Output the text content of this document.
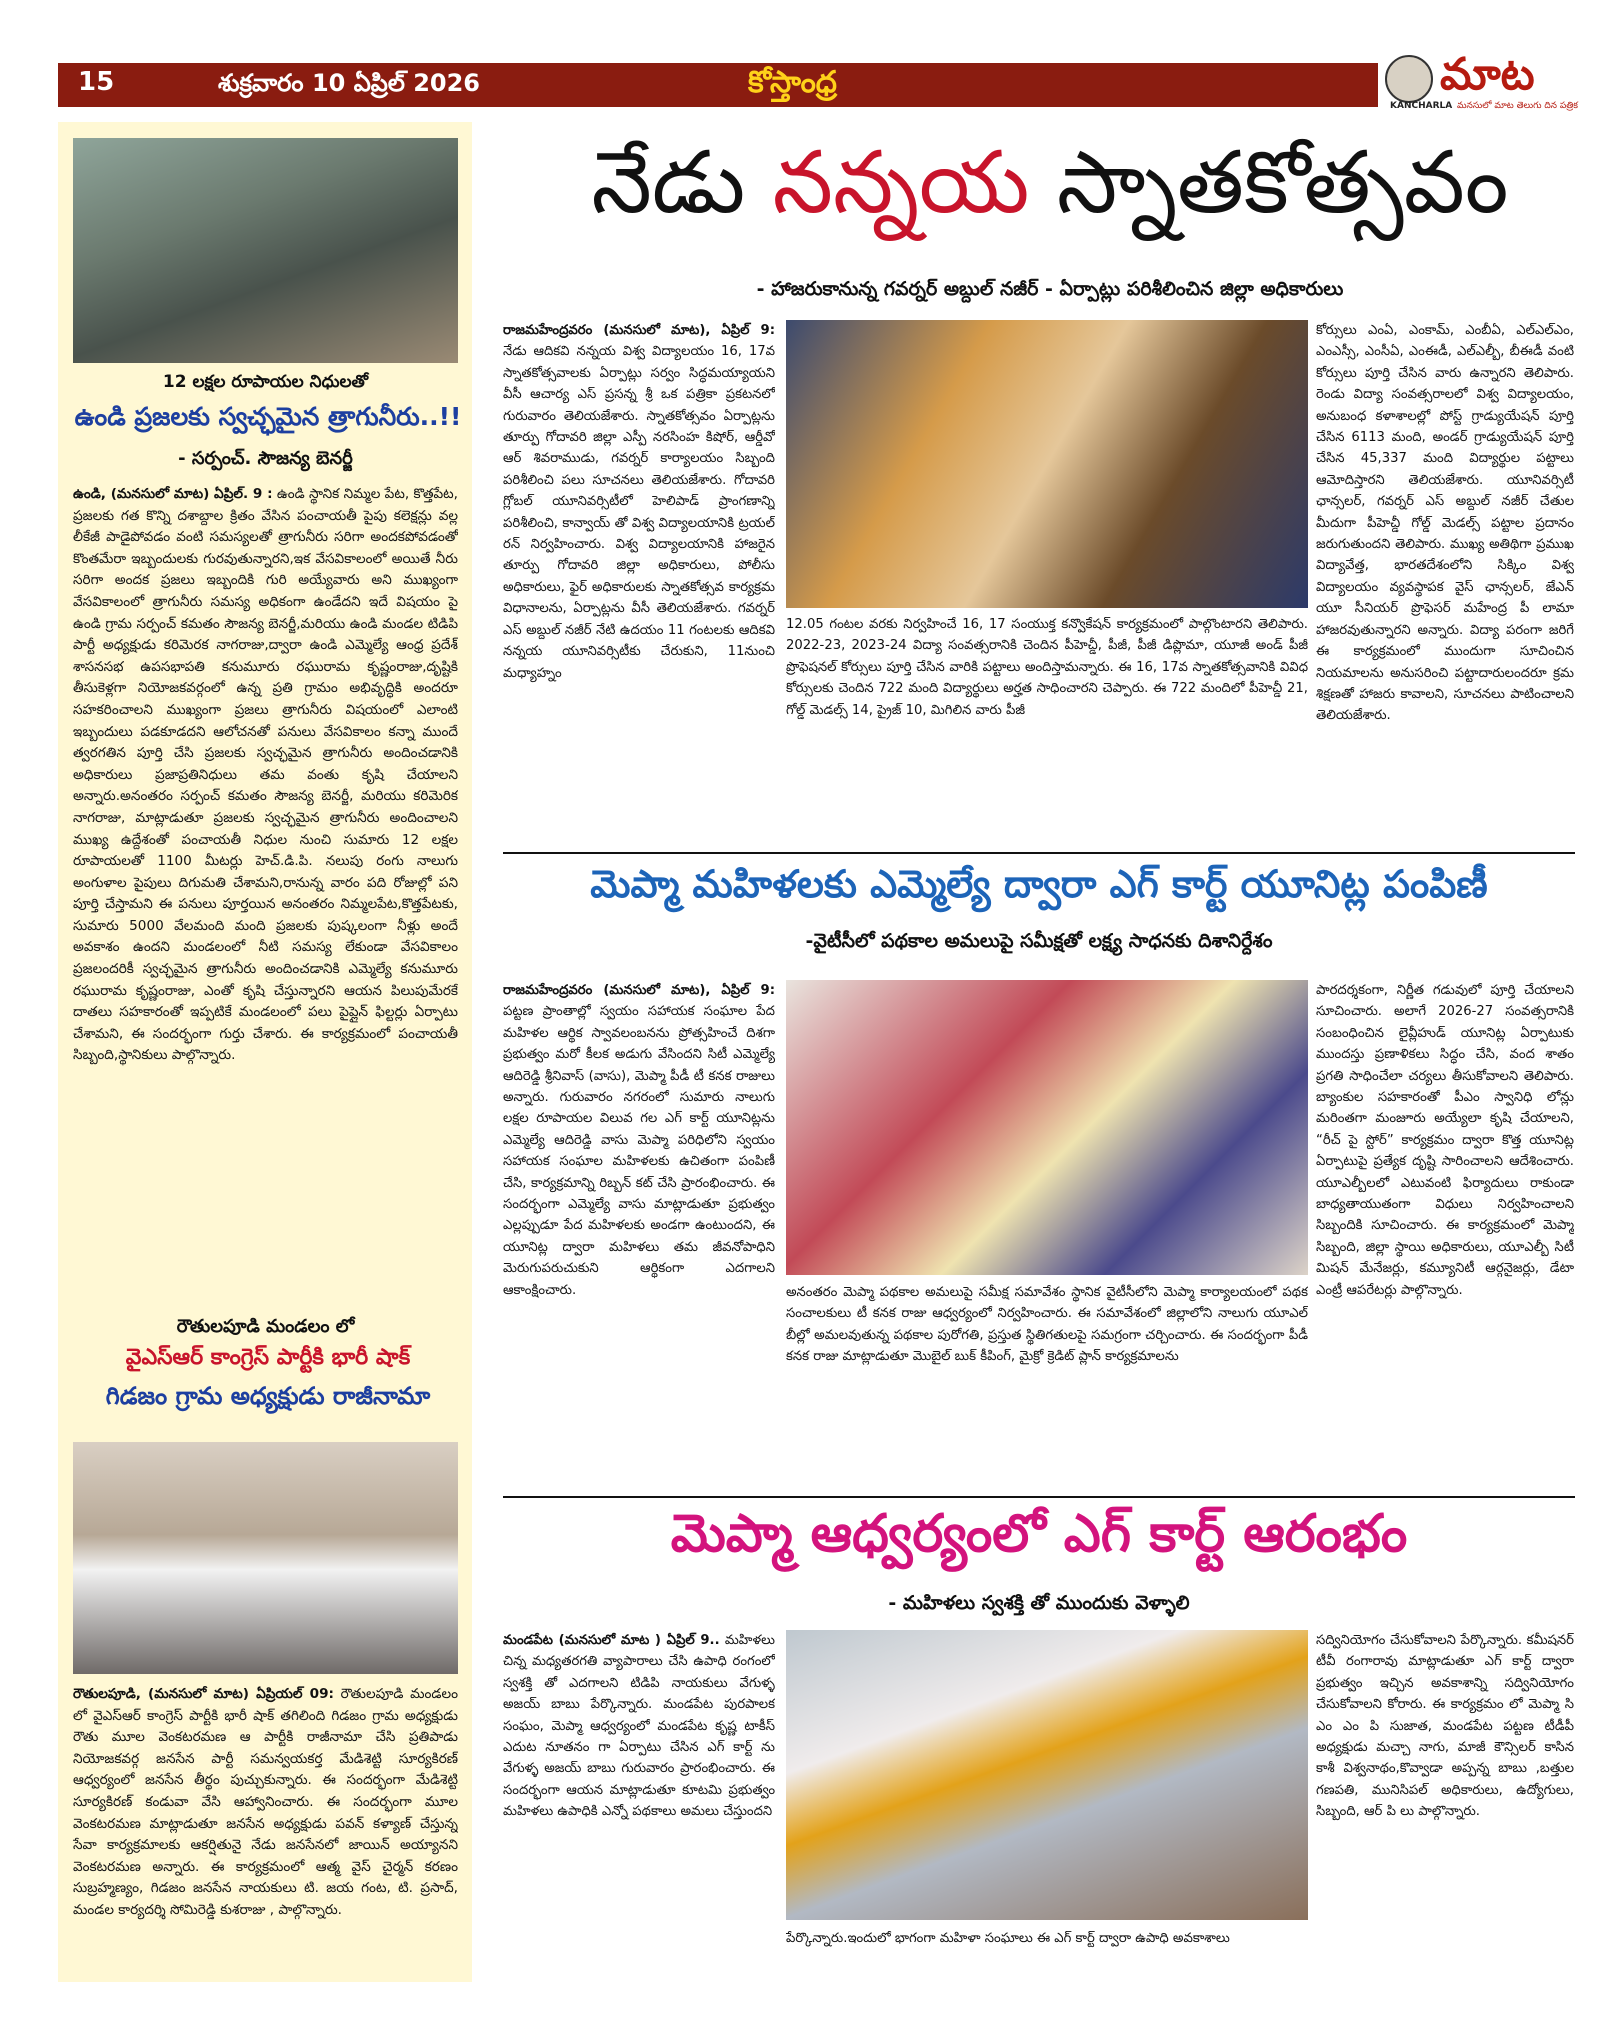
15	శుక్రవారం 10 ఏప్రిల్ 2026	కోస్తాంధ్ర	మాట
KANCHARLA మనసులో మాట తెలుగు దిన పత్రిక
12 లక్షల రూపాయల నిధులతో
ఉండి ప్రజలకు స్వచ్ఛమైన త్రాగునీరు..!!
- సర్పంచ్. సౌజన్య బెనర్జీ
ఉండి, (మనసులో మాట) ఏప్రిల్. 9 : ఉండి స్థానిక నిమ్మల పేట, కొత్తపేట, ప్రజలకు గత కొన్ని దశాబ్దాల క్రితం వేసిన పంచాయతీ పైపు కలెక్షన్లు వల్ల లీకేజీ పాడైపోవడం వంటి సమస్యలతో త్రాగునీరు సరిగా అందకపోవడంతో కొంతమేరా ఇబ్బందులకు గురవుతున్నారని,ఇక వేసవికాలంలో అయితే నీరు సరిగా అందక ప్రజలు ఇబ్బందికి గురి అయ్యేవారు అని ముఖ్యంగా వేసవికాలంలో త్రాగునీరు సమస్య అధికంగా ఉండేదని ఇదే విషయం పై ఉండి గ్రామ సర్పంచ్ కమతం సౌజన్య బెనర్జీ,మరియు ఉండి మండల టిడిపి పార్టీ అధ్యక్షుడు కరిమెరక నాగరాజు,ద్వారా ఉండి ఎమ్మెల్యే ఆంధ్ర ప్రదేశ్ శాసనసభ ఉపసభాపతి కనుమూరు రఘురామ కృష్ణంరాజు,దృష్టికి తీసుకెళ్లగా నియోజకవర్గంలో ఉన్న ప్రతి గ్రామం అభివృద్ధికి అందరూ సహకరించాలని ముఖ్యంగా ప్రజలు త్రాగునీరు విషయంలో ఎలాంటి ఇబ్బందులు పడకూడదని ఆలోచనతో పనులు వేసవికాలం కన్నా ముందే త్వరగతిన పూర్తి చేసి ప్రజలకు స్వచ్ఛమైన త్రాగునీరు అందించడానికి అధికారులు ప్రజాప్రతినిధులు తమ వంతు కృషి చేయాలని అన్నారు.అనంతరం సర్పంచ్ కమతం సౌజన్య బెనర్జీ, మరియు కరిమెరిక నాగరాజు, మాట్లాడుతూ ప్రజలకు స్వచ్ఛమైన త్రాగునీరు అందించాలని ముఖ్య ఉద్దేశంతో పంచాయతీ నిధుల నుంచి సుమారు 12 లక్షల రూపాయలతో 1100 మీటర్లు హెచ్.డి.పి. నలుపు రంగు నాలుగు అంగుళాల పైపులు దిగుమతి చేశామని,రానున్న వారం పది రోజుల్లో పని పూర్తి చేస్తామని ఈ పనులు పూర్తయిన అనంతరం నిమ్మలపేట,కొత్తపేటకు, సుమారు 5000 వేలమంది మంది ప్రజలకు పుష్కలంగా నీళ్లు అందే అవకాశం ఉందని మండలంలో నీటి సమస్య లేకుండా వేసవికాలం ప్రజలందరికీ స్వచ్ఛమైన త్రాగునీరు అందించడానికి ఎమ్మెల్యే కనుమూరు రఘురామ కృష్ణంరాజు, ఎంతో కృషి చేస్తున్నారని ఆయన పిలుపుమేరకే దాతలు సహకారంతో ఇప్పటికే మండలంలో పలు పైప్లైన్ ఫిల్టర్లు ఏర్పాటు చేశామని, ఈ సందర్భంగా గుర్తు చేశారు. ఈ కార్యక్రమంలో పంచాయతీ సిబ్బంది,స్థానికులు పాల్గొన్నారు.
రౌతులపూడి మండలం లో
వైఎస్ఆర్ కాంగ్రెస్ పార్టీకి భారీ షాక్
గిడజం గ్రామ అధ్యక్షుడు రాజీనామా
రౌతులపూడి, (మనసులో మాట) ఏప్రియల్ 09: రౌతులపూడి మండలం లో వైఎస్ఆర్ కాంగ్రెస్ పార్టీకి భారీ షాక్ తగిలింది గిడజం గ్రామ అధ్యక్షుడు రౌతు మూల వెంకటరమణ ఆ పార్టీకి రాజీనామా చేసి ప్రతిపాడు నియోజకవర్గ జనసేన పార్టీ సమన్వయకర్త మేడిశెట్టి సూర్యకిరణ్ ఆధ్వర్యంలో జనసేన తీర్థం పుచ్చుకున్నారు. ఈ సందర్భంగా మేడిశెట్టి సూర్యకిరణ్ కండువా వేసి ఆహ్వానించారు. ఈ సందర్భంగా మూల వెంకటరమణ మాట్లాడుతూ జనసేన అధ్యక్షుడు పవన్ కళ్యాణ్ చేస్తున్న సేవా కార్యక్రమాలకు ఆకర్షితునై నేడు జనసేనలో జాయిన్ అయ్యానని వెంకటరమణ అన్నారు. ఈ కార్యక్రమంలో ఆత్మ వైస్ చైర్మన్ కరణం సుబ్రహ్మణ్యం, గిడజం జనసేన నాయకులు టి. జయ గంట, టి. ప్రసాద్, మండల కార్యదర్శి సోమిరెడ్డి కుశరాజు , పాల్గొన్నారు.
నేడు నన్నయ స్నాతకోత్సవం
- హాజరుకానున్న గవర్నర్ అబ్దుల్ నజీర్ - ఏర్పాట్లు పరిశీలించిన జిల్లా అధికారులు
రాజమహేంద్రవరం (మనసులో మాట), ఏప్రిల్ 9: నేడు ఆదికవి నన్నయ విశ్వ విద్యాలయం 16, 17వ స్నాతకోత్సవాలకు ఏర్పాట్లు సర్వం సిద్ధమయ్యాయని వీసీ ఆచార్య ఎస్ ప్రసన్న శ్రీ ఒక పత్రికా ప్రకటనలో గురువారం తెలియజేశారు. స్నాతకోత్సవం ఏర్పాట్లను తూర్పు గోదావరి జిల్లా ఎస్పీ నరసింహ కిషోర్, ఆర్డీవో ఆర్ శివరాముడు, గవర్నర్ కార్యాలయం సిబ్బంది పరిశీలించి పలు సూచనలు తెలియజేశారు. గోదావరి గ్లోబల్ యూనివర్సిటీలో హెలిపాడ్ ప్రాంగణాన్ని పరిశీలించి, కాన్వాయ్ తో విశ్వ విద్యాలయానికి ట్రయల్ రన్ నిర్వహించారు. విశ్వ విద్యాలయానికి హాజరైన తూర్పు గోదావరి జిల్లా అధికారులు, పోలీసు అధికారులు, ఫైర్ అధికారులకు స్నాతకోత్సవ కార్యక్రమ విధానాలను, ఏర్పాట్లను వీసీ తెలియజేశారు. గవర్నర్ ఎస్ అబ్దుల్ నజీర్ నేటి ఉదయం 11 గంటలకు ఆదికవి నన్నయ యూనివర్సిటీకు చేరుకుని, 11నుంచి మధ్యాహ్నం
12.05 గంటల వరకు నిర్వహించే 16, 17 సంయుక్త కన్వొకేషన్ కార్యక్రమంలో పాల్గొంటారని తెలిపారు. 2022-23, 2023-24 విద్యా సంవత్సరానికి చెందిన పీహెచ్డీ, పీజీ, పీజీ డిప్లొమా, యూజీ అండ్ పీజీ ప్రొఫెషనల్ కోర్సులు పూర్తి చేసిన వారికి పట్టాలు అందిస్తామన్నారు. ఈ 16, 17వ స్నాతకోత్సవానికి వివిధ కోర్సులకు చెందిన 722 మంది విద్యార్థులు అర్హత సాధించారని చెప్పారు. ఈ 722 మందిలో పీహెచ్డీ 21, గోల్డ్ మెడల్స్ 14, ప్రైజ్ 10, మిగిలిన వారు పీజీ
కోర్సులు ఎంఏ, ఎంకామ్, ఎంబీఏ, ఎల్ఎల్ఎం, ఎంఎస్సీ, ఎంసీఏ, ఎంఈడీ, ఎల్ఎల్బీ, బీఈడీ వంటి కోర్సులు పూర్తి చేసిన వారు ఉన్నారని తెలిపారు. రెండు విద్యా సంవత్సరాలలో విశ్వ విద్యాలయం, అనుబంధ కళాశాలల్లో పోస్ట్ గ్రాడ్యుయేషన్ పూర్తి చేసిన 6113 మంది, అండర్ గ్రాడ్యుయేషన్ పూర్తి చేసిన 45,337 మంది విద్యార్థుల పట్టాలు ఆమోదిస్తారని తెలియజేశారు. యూనివర్సిటీ ఛాన్సలర్, గవర్నర్ ఎస్ అబ్దుల్ నజీర్ చేతుల మీదుగా పీహెచ్డీ గోల్డ్ మెడల్స్ పట్టాల ప్రదానం జరుగుతుందని తెలిపారు. ముఖ్య అతిథిగా ప్రముఖ విద్యావేత్త, భారతదేశంలోని సిక్కిం విశ్వ విద్యాలయం వ్యవస్థాపక వైస్ ఛాన్సలర్, జేఎన్ యూ సీనియర్ ప్రొఫెసర్ మహేంద్ర పీ లామా హాజరవుతున్నారని అన్నారు. విద్యా పరంగా జరిగే ఈ కార్యక్రమంలో ముందుగా సూచించిన నియమాలను అనుసరించి పట్టాదారులందరూ క్రమ శిక్షణతో హాజరు కావాలని, సూచనలు పాటించాలని తెలియజేశారు.
మెప్మా మహిళలకు ఎమ్మెల్యే ద్వారా ఎగ్ కార్ట్ యూనిట్ల పంపిణీ
-వైటీసీలో పథకాల అమలుపై సమీక్షతో లక్ష్య సాధనకు దిశానిర్దేశం
రాజమహేంద్రవరం (మనసులో మాట), ఏప్రిల్ 9: పట్టణ ప్రాంతాల్లో స్వయం సహాయక సంఘాల పేద మహిళల ఆర్థిక స్వావలంబనను ప్రోత్సహించే దిశగా ప్రభుత్వం మరో కీలక అడుగు వేసిందని సిటీ ఎమ్మెల్యే ఆదిరెడ్డి శ్రీనివాస్ (వాసు), మెప్మా పీడీ టీ కనక రాజులు అన్నారు. గురువారం నగరంలో సుమారు నాలుగు లక్షల రూపాయల విలువ గల ఎగ్ కార్ట్ యూనిట్లను ఎమ్మెల్యే ఆదిరెడ్డి వాసు మెప్మా పరిధిలోని స్వయం సహాయక సంఘాల మహిళలకు ఉచితంగా పంపిణీ చేసి, కార్యక్రమాన్ని రిబ్బన్ కట్ చేసి ప్రారంభించారు. ఈ సందర్భంగా ఎమ్మెల్యే వాసు మాట్లాడుతూ ప్రభుత్వం ఎల్లప్పుడూ పేద మహిళలకు అండగా ఉంటుందని, ఈ యూనిట్ల ద్వారా మహిళలు తమ జీవనోపాధిని మెరుగుపరుచుకుని ఆర్థికంగా ఎదగాలని ఆకాంక్షించారు.	అనంతరం మెప్మా పథకాల అమలుపై సమీక్ష సమావేశం స్థానిక వైటీసీలోని మెప్మా కార్యాలయంలో పథక సంచాలకులు టీ కనక రాజు ఆధ్వర్యంలో నిర్వహించారు. ఈ సమావేశంలో జిల్లాలోని నాలుగు యూఎల్ బీల్లో అమలవుతున్న పథకాల పురోగతి, ప్రస్తుత స్థితిగతులపై సమగ్రంగా చర్చించారు. ఈ సందర్భంగా పీడీ కనక రాజు మాట్లాడుతూ మొబైల్ బుక్ కీపింగ్, మైక్రో క్రెడిట్ ప్లాన్ కార్యక్రమాలను
పారదర్శకంగా, నిర్ణీత గడువులో పూర్తి చేయాలని సూచించారు. అలాగే 2026-27 సంవత్సరానికి సంబంధించిన లైవ్లీహుడ్ యూనిట్ల ఏర్పాటుకు ముందస్తు ప్రణాళికలు సిద్ధం చేసి, వంద శాతం ప్రగతి సాధించేలా చర్యలు తీసుకోవాలని తెలిపారు. బ్యాంకుల సహకారంతో పీఎం స్వానిధి లోన్లు మరింతగా మంజూరు అయ్యేలా కృషి చేయాలని, “రీచ్ పై స్టోర్” కార్యక్రమం ద్వారా కొత్త యూనిట్ల ఏర్పాటుపై ప్రత్యేక దృష్టి సారించాలని ఆదేశించారు. యూఎల్బీలలో ఎటువంటి ఫిర్యాదులు రాకుండా బాధ్యతాయుతంగా విధులు నిర్వహించాలని సిబ్బందికి సూచించారు. ఈ కార్యక్రమంలో మెప్మా సిబ్బంది, జిల్లా స్థాయి అధికారులు, యూఎల్బీ సిటీ మిషన్ మేనేజర్లు, కమ్యూనిటీ ఆర్గనైజర్లు, డేటా ఎంట్రీ ఆపరేటర్లు పాల్గొన్నారు.
మెప్మా ఆధ్వర్యంలో ఎగ్ కార్ట్ ఆరంభం
- మహిళలు స్వశక్తి తో ముందుకు వెళ్ళాలి
మండపేట (మనసులో మాట ) ఏప్రిల్ 9.. మహిళలు చిన్న మధ్యతరగతి వ్యాపారాలు చేసి ఉపాధి రంగంలో స్వశక్తి తో ఎదగాలని టిడిపి నాయకులు వేగుళ్ళ అజయ్ బాబు పేర్కొన్నారు. మండపేట పురపాలక సంఘం, మెప్మా ఆధ్వర్యంలో మండపేట కృష్ణ టాకీస్ ఎదుట నూతనం గా ఏర్పాటు చేసిన ఎగ్ కార్ట్ ను వేగుళ్ళ అజయ్ బాబు గురువారం ప్రారంభించారు. ఈ సందర్భంగా ఆయన మాట్లాడుతూ కూటమి ప్రభుత్వం మహిళలు ఉపాధికి ఎన్నో పథకాలు అమలు చేస్తుందని
పేర్కొన్నారు.ఇందులో భాగంగా మహిళా సంఘాలు ఈ ఎగ్ కార్ట్ ద్వారా ఉపాధి అవకాశాలు
సద్వినియోగం చేసుకోవాలని పేర్కొన్నారు. కమీషనర్ టీవీ రంగారావు మాట్లాడుతూ ఎగ్ కార్ట్ ద్వారా ప్రభుత్వం ఇచ్చిన అవకాశాన్ని సద్వినియోగం చేసుకోవాలని కోరారు. ఈ కార్యక్రమం లో మెప్మా సి ఎం ఎం పి సుజాత, మండపేట పట్టణ టీడీపీ అధ్యక్షుడు మచ్చా నాగు, మాజీ కౌన్సిలర్ కాసిన కాశీ విశ్వనాథం,కొవ్వాడా అప్పన్న బాబు ,బత్తుల గణపతి, మునిసిపల్ అధికారులు, ఉద్యోగులు, సిబ్బంది, ఆర్ పి లు పాల్గొన్నారు.
